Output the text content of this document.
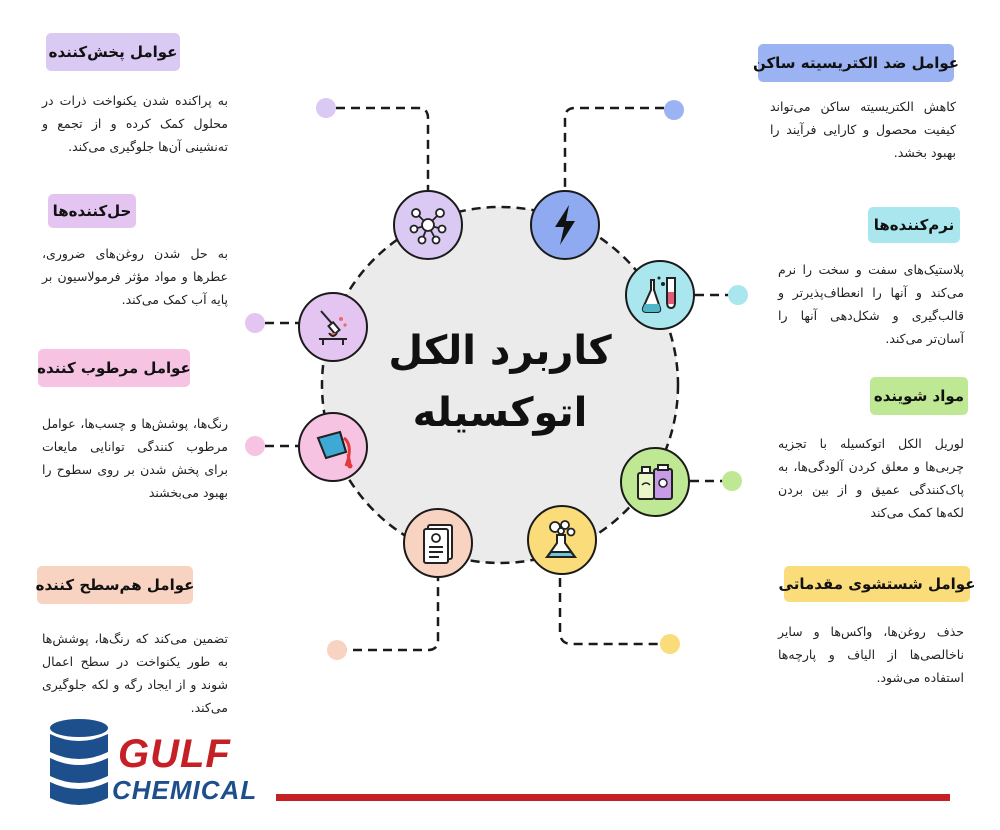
کاربرد الکل
اتوکسیله
عوامل پخش‌کننده
حل‌کننده‌ها
عوامل مرطوب کننده
عوامل هم‌سطح کننده
به پراکنده شدن یکنواخت ذرات در محلول کمک کرده و از تجمع و ته‌نشینی آن‌ها جلوگیری می‌کند.
به حل شدن روغن‌های ضروری، عطرها و مواد مؤثر فرمولاسیون بر پایه آب کمک می‌کند.
رنگ‌ها، پوشش‌ها و چسب‌ها، عوامل مرطوب کنندگی توانایی مایعات برای پخش شدن بر روی سطوح را بهبود می‌بخشند
تضمین می‌کند که رنگ‌ها، پوشش‌ها به طور یکنواخت در سطح اعمال شوند و از ایجاد رگه و لکه جلوگیری می‌کند.
عوامل ضد الکتریسیته ساکن
نرم‌کننده‌ها
مواد شوینده
عوامل شستشوی مقدماتی
کاهش الکتریسیته ساکن می‌تواند کیفیت محصول و کارایی فرآیند را بهبود بخشد.
پلاستیک‌های سفت و سخت را نرم می‌کند و آنها را انعطاف‌پذیرتر و قالب‌گیری و شکل‌دهی آنها را آسان‌تر می‌کند.
لوریل الکل اتوکسیله با تجزیه چربی‌ها و معلق کردن آلودگی‌ها، به پاک‌کنندگی عمیق و از بین بردن لکه‌ها کمک می‌کند
حذف روغن‌ها، واکس‌ها و سایر ناخالصی‌ها از الیاف و پارچه‌ها استفاده می‌شود.
GULF
CHEMICAL
